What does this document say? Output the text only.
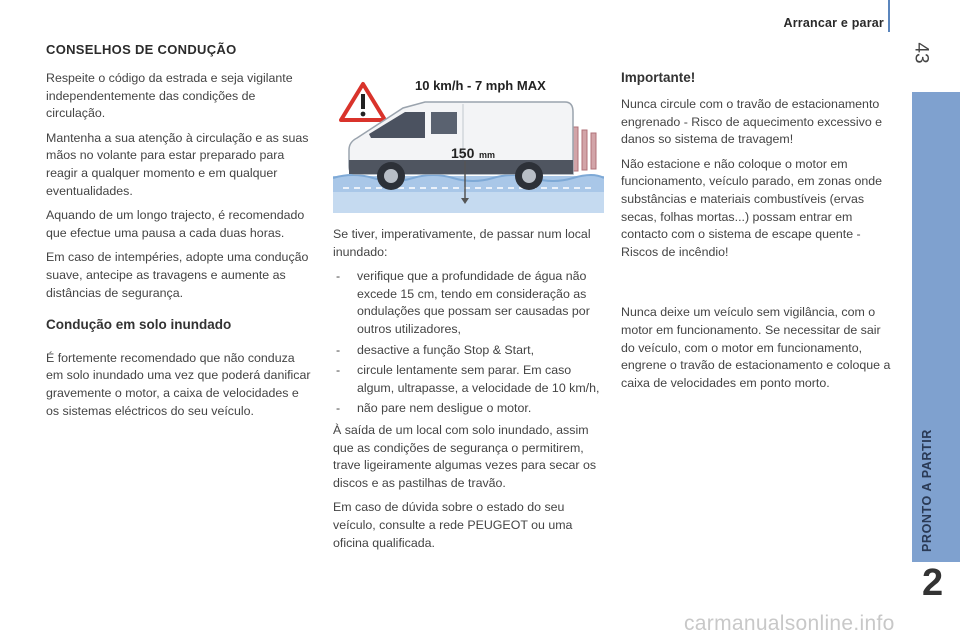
Arrancar e parar
43
PRONTO A PARTIR
2
CONSELHOS DE CONDUÇÃO

Respeite o código da estrada e seja vigilante independentemente das condições de circulação.

Mantenha a sua atenção à circulação e as suas mãos no volante para estar preparado para reagir a qualquer momento e em qualquer eventualidades.

Aquando de um longo trajecto, é recomendado que efectue uma pausa a cada duas horas.

Em caso de intempéries, adopte uma condução suave, antecipe as travagens e aumente as distâncias de segurança.

Condução em solo inundado

É fortemente recomendado que não conduza em solo inundado uma vez que poderá danificar gravemente o motor, a caixa de velocidades e os sistemas eléctricos do seu veículo.

10 km/h - 7 mph MAX
150 mm

Se tiver, imperativamente, de passar num local inundado:

- verifique que a profundidade de água não excede 15 cm, tendo em consideração as ondulações que possam ser causadas por outros utilizadores,
- desactive a função Stop & Start,
- circule lentamente sem parar. Em caso algum, ultrapasse, a velocidade de 10 km/h,
- não pare nem desligue o motor.

À saída de um local com solo inundado, assim que as condições de segurança o permitirem, trave ligeiramente algumas vezes para secar os discos e as pastilhas de travão.

Em caso de dúvida sobre o estado do seu veículo, consulte a rede PEUGEOT ou uma oficina qualificada.

Importante!

Nunca circule com o travão de estacionamento engrenado - Risco de aquecimento excessivo e danos so sistema de travagem!

Não estacione e não coloque o motor em funcionamento, veículo parado, em zonas onde substâncias e materiais combustíveis (ervas secas, folhas mortas...) possam entrar em contacto com o sistema de escape quente - Riscos de incêndio!

Nunca deixe um veículo sem vigilância, com o motor em funcionamento. Se necessitar de sair do veículo, com o motor em funcionamento, engrene o travão de estacionamento e coloque a caixa de velocidades em ponto morto.

carmanualsonline.info
